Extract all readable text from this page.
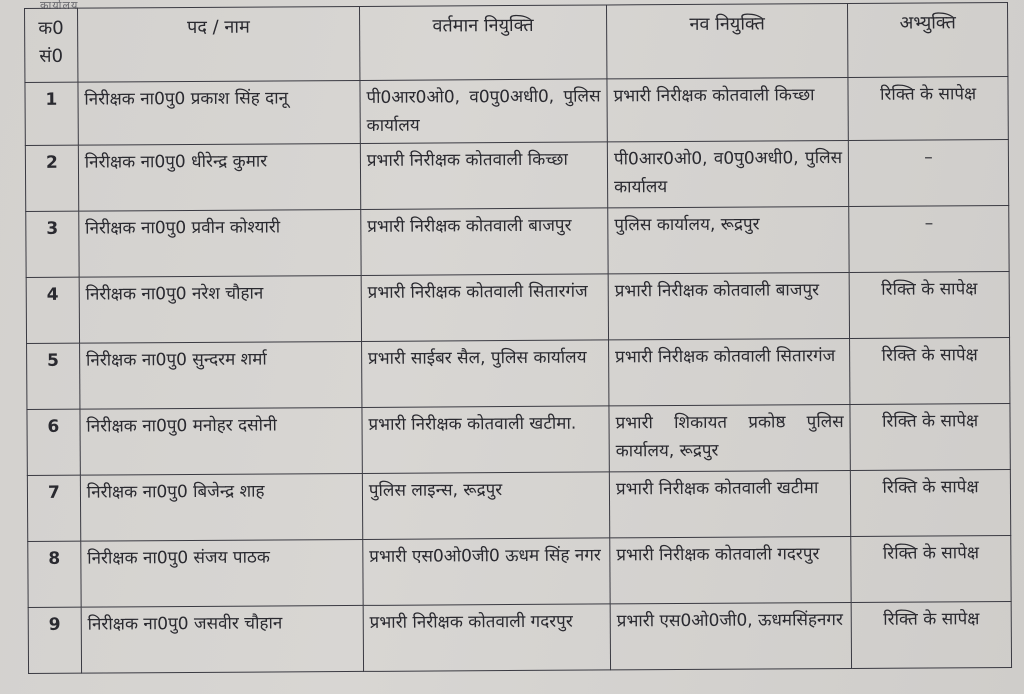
कार्यालय
क0 सं0	पद / नाम	वर्तमान नियुक्ति	नव नियुक्ति	अभ्युक्ति
1	निरीक्षक ना0पु0 प्रकाश सिंह दानू	पी0आर0ओ0, व0पु0अधी0, पुलिस कार्यालय	प्रभारी निरीक्षक कोतवाली किच्छा	रिक्ति के सापेक्ष
2	निरीक्षक ना0पु0 धीरेन्द्र कुमार	प्रभारी निरीक्षक कोतवाली किच्छा	पी0आर0ओ0, व0पु0अधी0, पुलिस कार्यालय	–
3	निरीक्षक ना0पु0 प्रवीन कोश्यारी	प्रभारी निरीक्षक कोतवाली बाजपुर	पुलिस कार्यालय, रूद्रपुर	–
4	निरीक्षक ना0पु0 नरेश चौहान	प्रभारी निरीक्षक कोतवाली सितारगंज	प्रभारी निरीक्षक कोतवाली बाजपुर	रिक्ति के सापेक्ष
5	निरीक्षक ना0पु0 सुन्दरम शर्मा	प्रभारी साईबर सैल, पुलिस कार्यालय	प्रभारी निरीक्षक कोतवाली सितारगंज	रिक्ति के सापेक्ष
6	निरीक्षक ना0पु0 मनोहर दसोनी	प्रभारी निरीक्षक कोतवाली खटीमा.	प्रभारी शिकायत प्रकोष्ठ पुलिस कार्यालय, रूद्रपुर	रिक्ति के सापेक्ष
7	निरीक्षक ना0पु0 बिजेन्द्र शाह	पुलिस लाइन्स, रूद्रपुर	प्रभारी निरीक्षक कोतवाली खटीमा	रिक्ति के सापेक्ष
8	निरीक्षक ना0पु0 संजय पाठक	प्रभारी एस0ओ0जी0 ऊधम सिंह नगर	प्रभारी निरीक्षक कोतवाली गदरपुर	रिक्ति के सापेक्ष
9	निरीक्षक ना0पु0 जसवीर चौहान	प्रभारी निरीक्षक कोतवाली गदरपुर	प्रभारी एस0ओ0जी0, ऊधमसिंहनगर	रिक्ति के सापेक्ष
